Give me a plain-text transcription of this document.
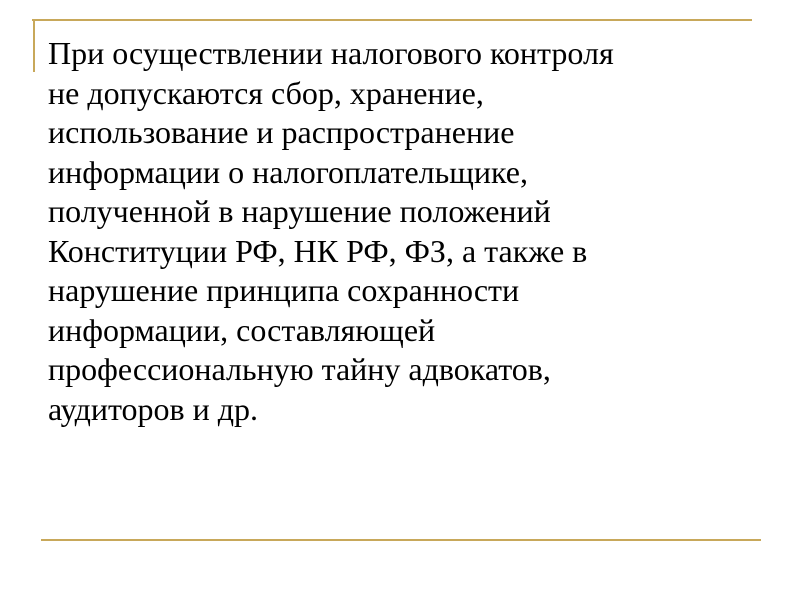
При осуществлении налогового контроля
не допускаются сбор, хранение,
использование и распространение
информации о налогоплательщике,
полученной в нарушение положений
Конституции РФ, НК РФ, ФЗ, а также в
нарушение принципа сохранности
информации, составляющей
профессиональную тайну адвокатов,
аудиторов и др.
